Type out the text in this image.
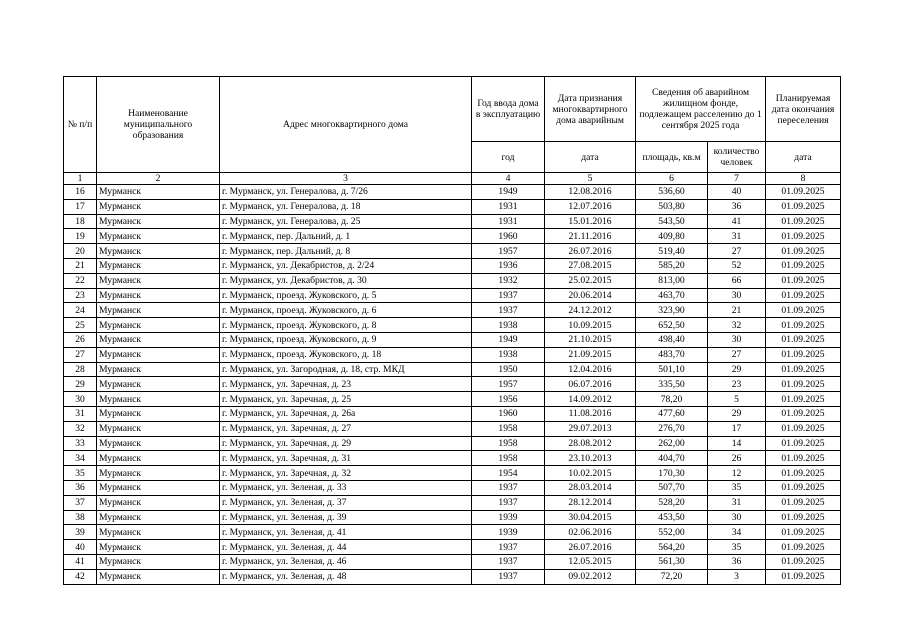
№ п/п	Наименование муниципального образования	Адрес многоквартирного дома	Год ввода дома в эксплуатацию	Дата признания многоквартирного дома аварийным	Сведения об аварийном жилищном фонде, подлежащем расселению до 1 сентября 2025 года		Планируемая дата окончания переселения
			год	дата	площадь, кв.м	количество человек	дата
1	2	3	4	5	6	7	8
16	Мурманск	г. Мурманск, ул. Генералова, д. 7/26	1949	12.08.2016	536,60	40	01.09.2025
17	Мурманск	г. Мурманск, ул. Генералова, д. 18	1931	12.07.2016	503,80	36	01.09.2025
18	Мурманск	г. Мурманск, ул. Генералова, д. 25	1931	15.01.2016	543,50	41	01.09.2025
19	Мурманск	г. Мурманск, пер. Дальний, д. 1	1960	21.11.2016	409,80	31	01.09.2025
20	Мурманск	г. Мурманск, пер. Дальний, д. 8	1957	26.07.2016	519,40	27	01.09.2025
21	Мурманск	г. Мурманск, ул. Декабристов, д. 2/24	1936	27.08.2015	585,20	52	01.09.2025
22	Мурманск	г. Мурманск, ул. Декабристов, д. 30	1932	25.02.2015	813,00	66	01.09.2025
23	Мурманск	г. Мурманск, проезд. Жуковского, д. 5	1937	20.06.2014	463,70	30	01.09.2025
24	Мурманск	г. Мурманск, проезд. Жуковского, д. 6	1937	24.12.2012	323,90	21	01.09.2025
25	Мурманск	г. Мурманск, проезд. Жуковского, д. 8	1938	10.09.2015	652,50	32	01.09.2025
26	Мурманск	г. Мурманск, проезд. Жуковского, д. 9	1949	21.10.2015	498,40	30	01.09.2025
27	Мурманск	г. Мурманск, проезд. Жуковского, д. 18	1938	21.09.2015	483,70	27	01.09.2025
28	Мурманск	г. Мурманск, ул. Загородная, д. 18, стр. МКД	1950	12.04.2016	501,10	29	01.09.2025
29	Мурманск	г. Мурманск, ул. Заречная, д. 23	1957	06.07.2016	335,50	23	01.09.2025
30	Мурманск	г. Мурманск, ул. Заречная, д. 25	1956	14.09.2012	78,20	5	01.09.2025
31	Мурманск	г. Мурманск, ул. Заречная, д. 26а	1960	11.08.2016	477,60	29	01.09.2025
32	Мурманск	г. Мурманск, ул. Заречная, д. 27	1958	29.07.2013	276,70	17	01.09.2025
33	Мурманск	г. Мурманск, ул. Заречная, д. 29	1958	28.08.2012	262,00	14	01.09.2025
34	Мурманск	г. Мурманск, ул. Заречная, д. 31	1958	23.10.2013	404,70	26	01.09.2025
35	Мурманск	г. Мурманск, ул. Заречная, д. 32	1954	10.02.2015	170,30	12	01.09.2025
36	Мурманск	г. Мурманск, ул. Зеленая, д. 33	1937	28.03.2014	507,70	35	01.09.2025
37	Мурманск	г. Мурманск, ул. Зеленая, д. 37	1937	28.12.2014	528,20	31	01.09.2025
38	Мурманск	г. Мурманск, ул. Зеленая, д. 39	1939	30.04.2015	453,50	30	01.09.2025
39	Мурманск	г. Мурманск, ул. Зеленая, д. 41	1939	02.06.2016	552,00	34	01.09.2025
40	Мурманск	г. Мурманск, ул. Зеленая, д. 44	1937	26.07.2016	564,20	35	01.09.2025
41	Мурманск	г. Мурманск, ул. Зеленая, д. 46	1937	12.05.2015	561,30	36	01.09.2025
42	Мурманск	г. Мурманск, ул. Зеленая, д. 48	1937	09.02.2012	72,20	3	01.09.2025
